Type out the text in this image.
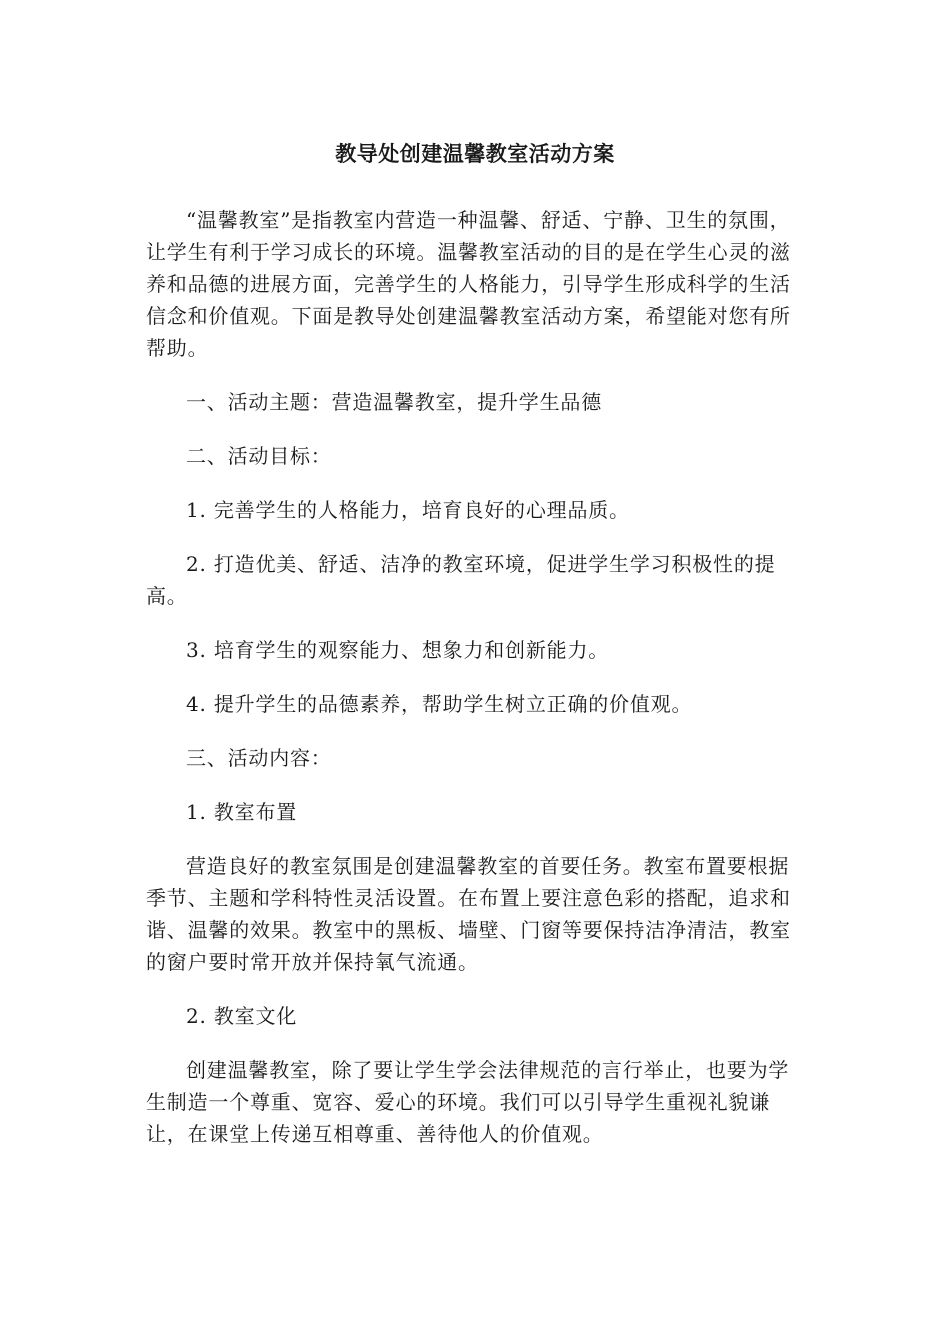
教导处创建温馨教室活动方案

“温馨教室”是指教室内营造一种温馨、舒适、宁静、卫生的氛围，让学生有利于学习成长的环境。温馨教室活动的目的是在学生心灵的滋养和品德的进展方面，完善学生的人格能力，引导学生形成科学的生活信念和价值观。下面是教导处创建温馨教室活动方案，希望能对您有所帮助。

一、活动主题：营造温馨教室，提升学生品德

二、活动目标：

1. 完善学生的人格能力，培育良好的心理品质。

2. 打造优美、舒适、洁净的教室环境，促进学生学习积极性的提高。

3. 培育学生的观察能力、想象力和创新能力。

4. 提升学生的品德素养，帮助学生树立正确的价值观。

三、活动内容：

1. 教室布置

营造良好的教室氛围是创建温馨教室的首要任务。教室布置要根据季节、主题和学科特性灵活设置。在布置上要注意色彩的搭配，追求和谐、温馨的效果。教室中的黑板、墙壁、门窗等要保持洁净清洁，教室的窗户要时常开放并保持氧气流通。

2. 教室文化

创建温馨教室，除了要让学生学会法律规范的言行举止，也要为学生制造一个尊重、宽容、爱心的环境。我们可以引导学生重视礼貌谦让，在课堂上传递互相尊重、善待他人的价值观。
